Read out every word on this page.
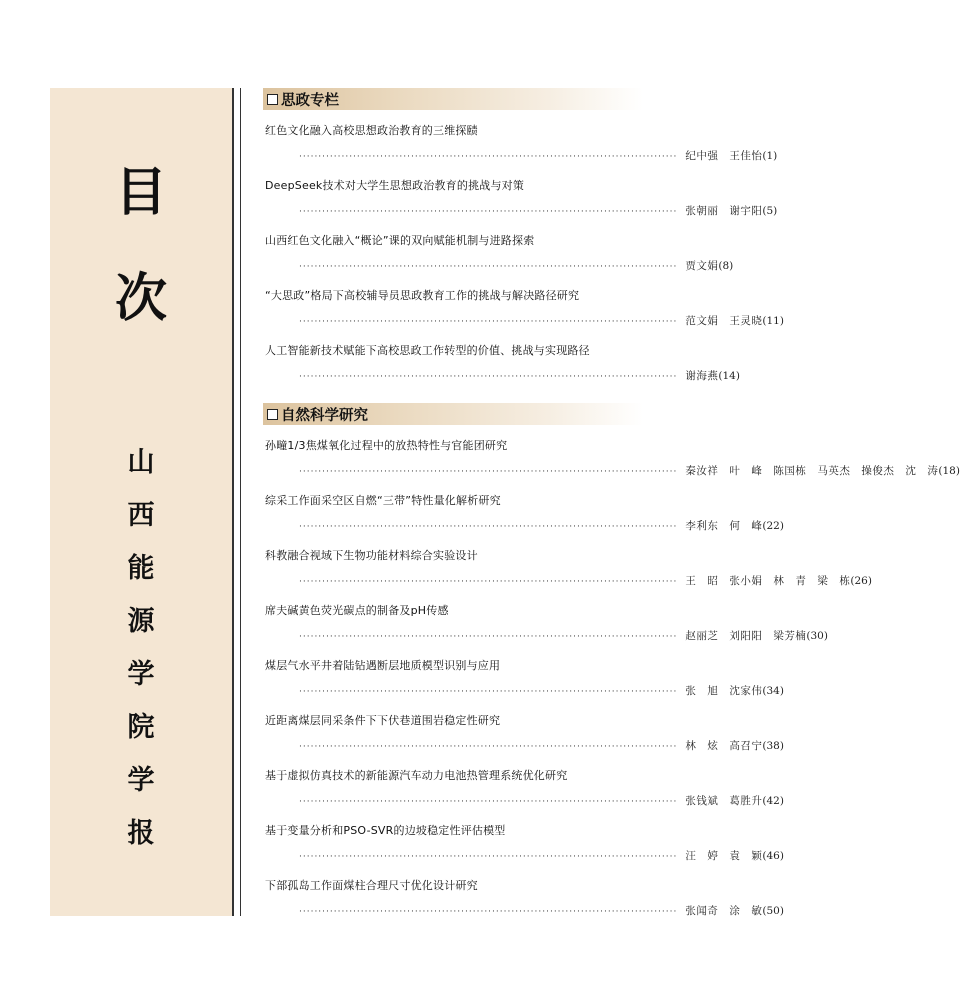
目
次
山
西
能
源
学
院
学
报
思政专栏
红色文化融入高校思想政治教育的三维探赜
·································································································· 纪中强　王佳怡 (1)
DeepSeek技术对大学生思想政治教育的挑战与对策
·································································································· 张朝丽　谢宇阳 (5)
山西红色文化融入“概论”课的双向赋能机制与进路探索
·································································································· 贾文娟 (8)
“大思政”格局下高校辅导员思政教育工作的挑战与解决路径研究
·································································································· 范文娟　王灵晓 (11)
人工智能新技术赋能下高校思政工作转型的价值、挑战与实现路径
·································································································· 谢海燕 (14)
自然科学研究
孙疃1/3焦煤氧化过程中的放热特性与官能团研究
·································································································· 秦汝祥　叶　峰　陈国栋　马英杰　操俊杰　沈　涛 (18)
综采工作面采空区自燃“三带”特性量化解析研究
·································································································· 李利东　何　峰 (22)
科教融合视域下生物功能材料综合实验设计
·································································································· 王　昭　张小娟　林　青　梁　栋 (26)
席夫碱黄色荧光碳点的制备及pH传感
·································································································· 赵丽芝　刘阳阳　梁芳楠 (30)
煤层气水平井着陆钻遇断层地质模型识别与应用
·································································································· 张　旭　沈家伟 (34)
近距离煤层同采条件下下伏巷道围岩稳定性研究
·································································································· 林　炫　高召宁 (38)
基于虚拟仿真技术的新能源汽车动力电池热管理系统优化研究
·································································································· 张钱斌　葛胜升 (42)
基于变量分析和PSO-SVR的边坡稳定性评估模型
·································································································· 汪　婷　袁　颖 (46)
下部孤岛工作面煤柱合理尺寸优化设计研究
·································································································· 张闻奇　涂　敏 (50)
